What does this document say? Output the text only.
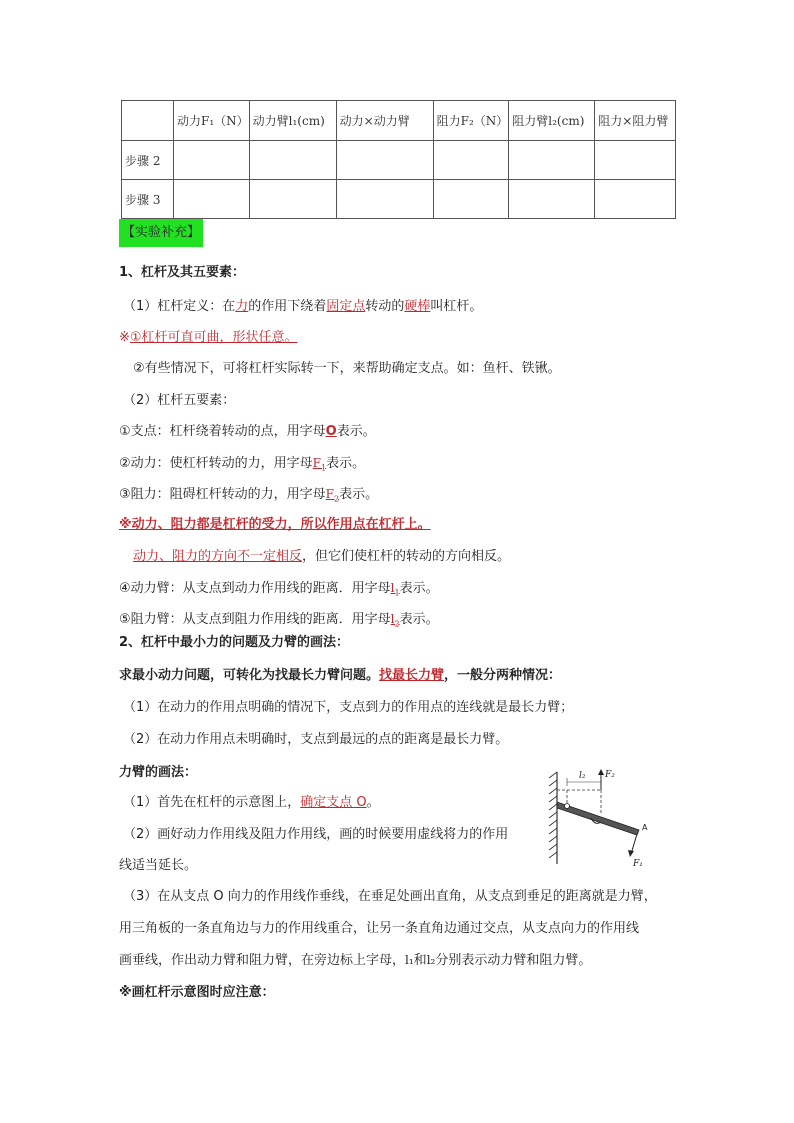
	动力F₁（N）	动力臂l₁(cm)	动力×动力臂	阻力F₂（N）	阻力臂l₂(cm)	阻力×阻力臂
步骤 2						
步骤 3						
【实验补充】
1、杠杆及其五要素：
（1）杠杆定义：在力的作用下绕着固定点转动的硬棒叫杠杆。
※①杠杆可直可曲，形状任意。
②有些情况下，可将杠杆实际转一下，来帮助确定支点。如：鱼杆、铁锹。
（2）杠杆五要素：
①支点：杠杆绕着转动的点，用字母O表示。
②动力：使杠杆转动的力，用字母$F_1$表示。
③阻力：阻碍杠杆转动的力，用字母$F_2$表示。
※动力、阻力都是杠杆的受力，所以作用点在杠杆上。
动力、阻力的方向不一定相反，但它们使杠杆的转动的方向相反。
④动力臂：从支点到动力作用线的距离．用字母$l_1$表示。
⑤阻力臂：从支点到阻力作用线的距离．用字母$l_2$表示。
2、杠杆中最小力的问题及力臂的画法：
求最小动力问题，可转化为找最长力臂问题。找最长力臂，一般分两种情况：
（1）在动力的作用点明确的情况下，支点到力的作用点的连线就是最长力臂；
（2）在动力作用点未明确时，支点到最远的点的距离是最长力臂。
力臂的画法：
（1）首先在杠杆的示意图上，确定支点 O。
（2）画好动力作用线及阻力作用线，画的时候要用虚线将力的作用
线适当延长。
（3）在从支点 O 向力的作用线作垂线，在垂足处画出直角，从支点到垂足的距离就是力臂，
用三角板的一条直角边与力的作用线重合，让另一条直角边通过交点，从支点向力的作用线
画垂线，作出动力臂和阻力臂，在旁边标上字母，l₁和l₂分别表示动力臂和阻力臂。
※画杠杆示意图时应注意：
l₂ F₂
A
F₁
